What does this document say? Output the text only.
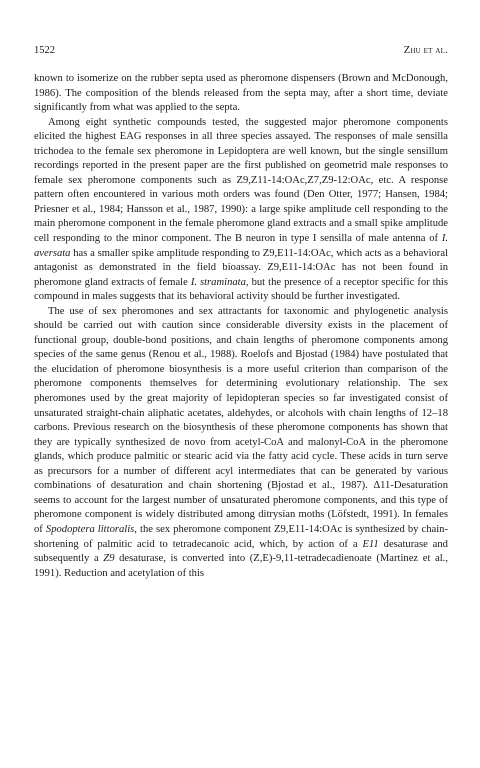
1522	Zhu et al.

known to isomerize on the rubber septa used as pheromone dispensers (Brown and McDonough, 1986). The composition of the blends released from the septa may, after a short time, deviate significantly from what was applied to the septa.

Among eight synthetic compounds tested, the suggested major pheromone components elicited the highest EAG responses in all three species assayed. The responses of male sensilla trichodea to the female sex pheromone in Lepidoptera are well known, but the single sensillum recordings reported in the present paper are the first published on geometrid male responses to female sex pheromone components such as Z9,Z11-14:OAc,Z7,Z9-12:OAc, etc. A response pattern often encountered in various moth orders was found (Den Otter, 1977; Hansen, 1984; Priesner et al., 1984; Hansson et al., 1987, 1990): a large spike amplitude cell responding to the main pheromone component in the female pheromone gland extracts and a small spike amplitude cell responding to the minor component. The B neuron in type I sensilla of male antenna of I. aversata has a smaller spike amplitude responding to Z9,E11-14:OAc, which acts as a behavioral antagonist as demonstrated in the field bioassay. Z9,E11-14:OAc has not been found in pheromone gland extracts of female I. straminata, but the presence of a receptor specific for this compound in males suggests that its behavioral activity should be further investigated.

The use of sex pheromones and sex attractants for taxonomic and phylogenetic analysis should be carried out with caution since considerable diversity exists in the placement of functional group, double-bond positions, and chain lengths of pheromone components among species of the same genus (Renou et al., 1988). Roelofs and Bjostad (1984) have postulated that the elucidation of pheromone biosynthesis is a more useful criterion than comparison of the pheromone components themselves for determining evolutionary relationship. The sex pheromones used by the great majority of lepidopteran species so far investigated consist of unsaturated straight-chain aliphatic acetates, aldehydes, or alcohols with chain lengths of 12–18 carbons. Previous research on the biosynthesis of these pheromone components has shown that they are typically synthesized de novo from acetyl-CoA and malonyl-CoA in the pheromone glands, which produce palmitic or stearic acid via the fatty acid cycle. These acids in turn serve as precursors for a number of different acyl intermediates that can be generated by various combinations of desaturation and chain shortening (Bjostad et al., 1987). Δ11-Desaturation seems to account for the largest number of unsaturated pheromone components, and this type of pheromone component is widely distributed among ditrysian moths (Löfstedt, 1991). In females of Spodoptera littoralis, the sex pheromone component Z9,E11-14:OAc is synthesized by chain-shortening of palmitic acid to tetradecanoic acid, which, by action of a E11 desaturase and subsequently a Z9 desaturase, is converted into (Z,E)-9,11-tetradecadienoate (Martinez et al., 1991). Reduction and acetylation of this
